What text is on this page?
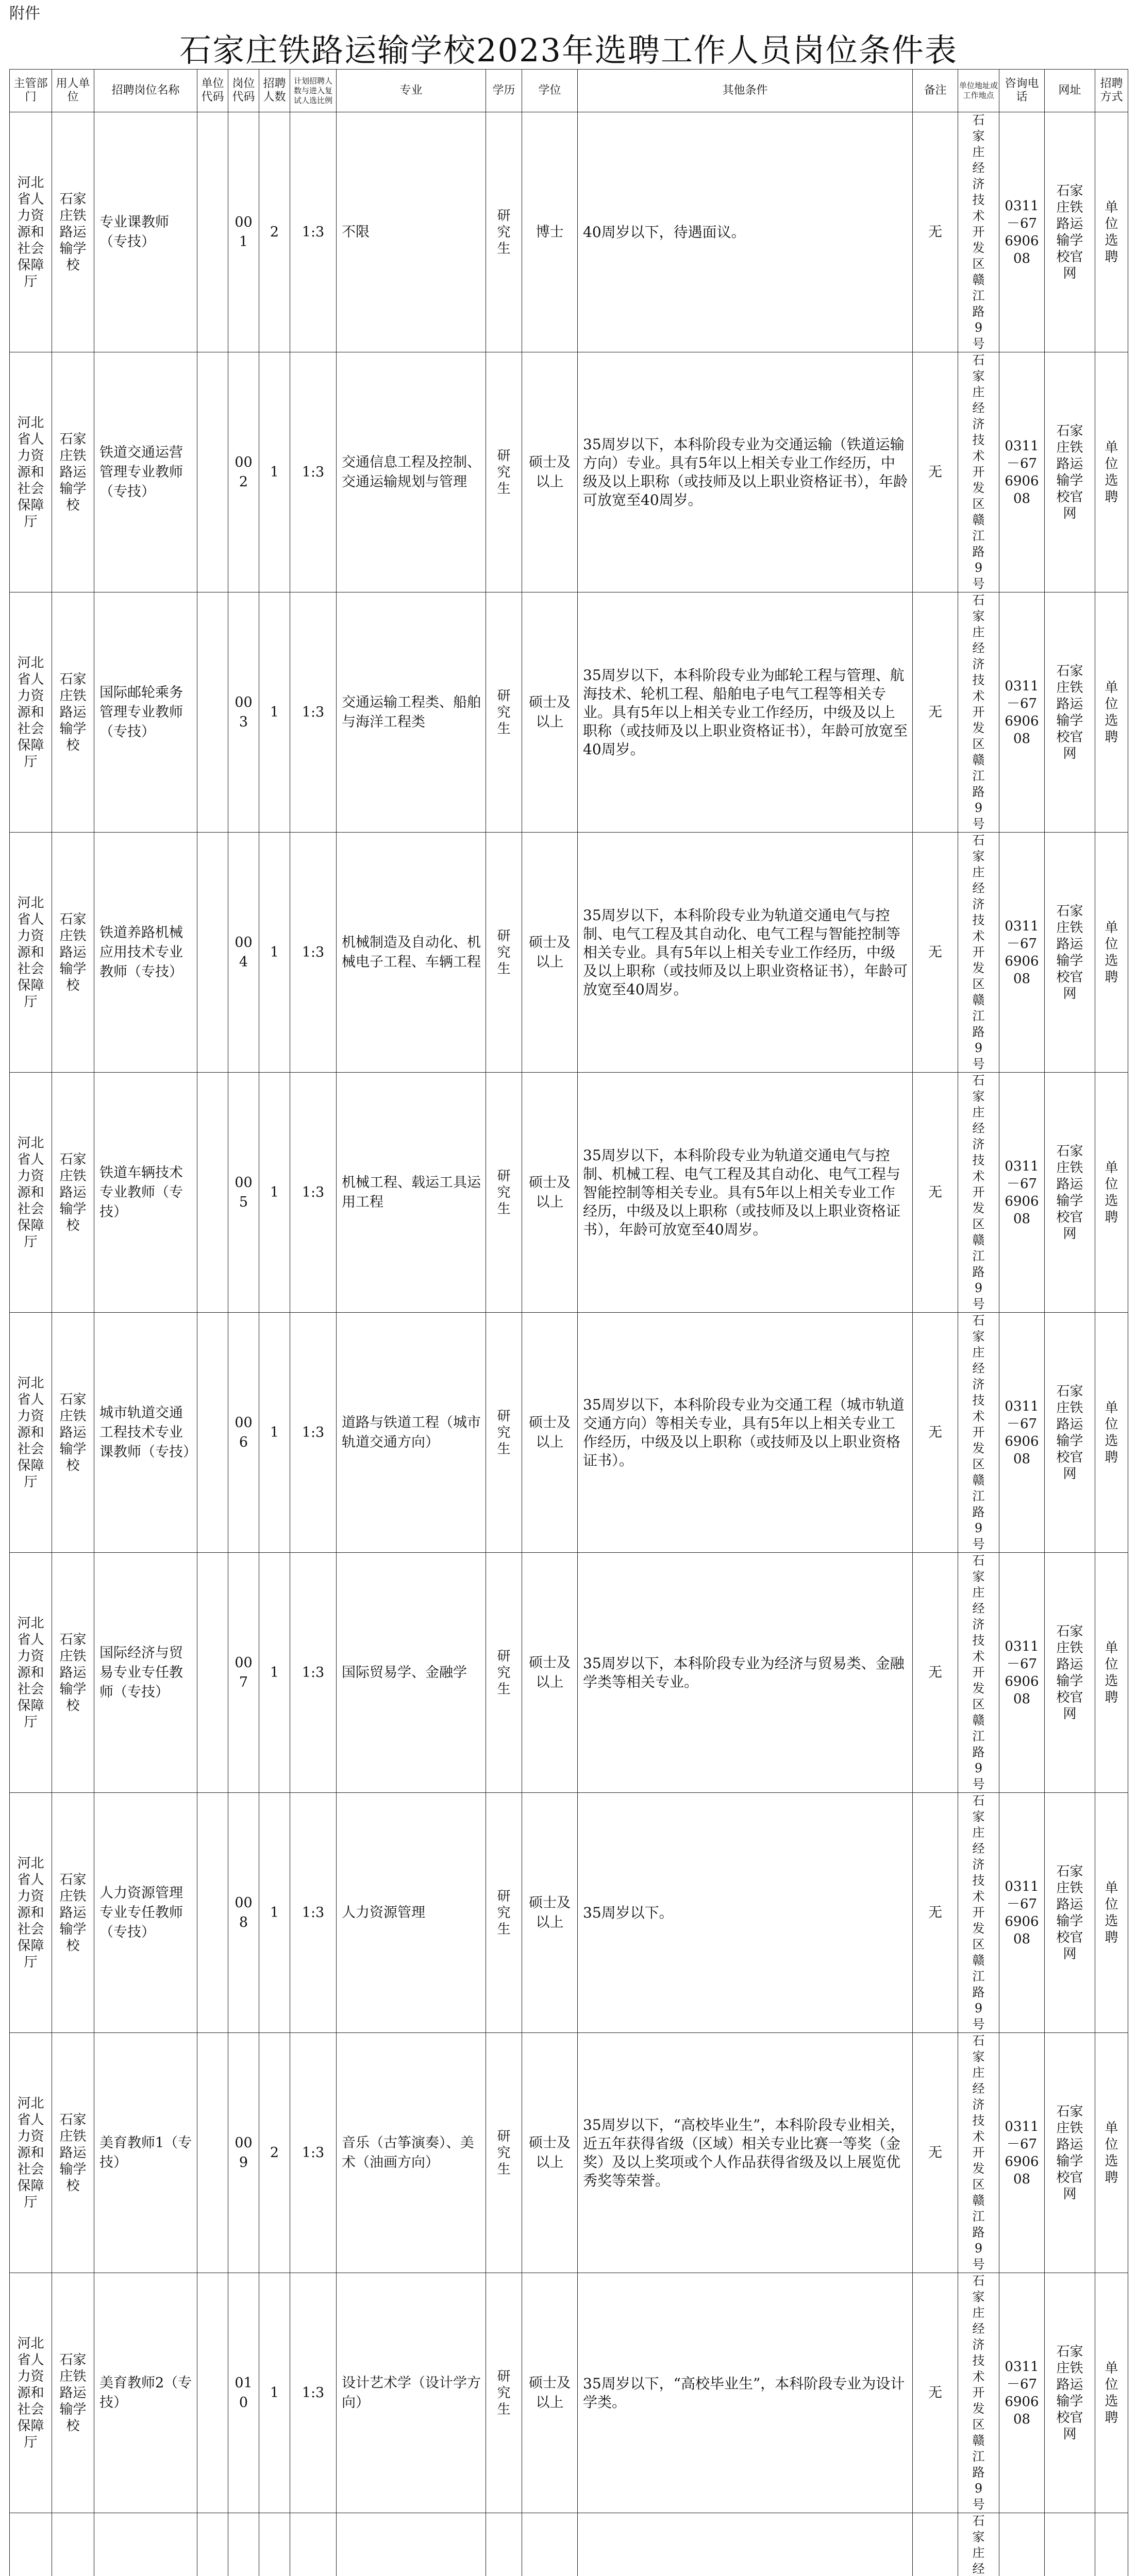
附件
石家庄铁路运输学校2023年选聘工作人员岗位条件表
主管部门	用人单位	招聘岗位名称	单位代码	岗位代码	招聘人数	计划招聘人数与进入复试人选比例	专业	学历	学位	其他条件	备注	单位地址或工作地点	咨询电话	网址	招聘方式
河北省人力资源和社会保障厅	石家庄铁路运输学校	专业课教师（专技）		001	2	1:3	不限	研究生	博士	40周岁以下，待遇面议。	无	石家庄经济技术开发区赣江路9号	0311－67690608	石家庄铁路运输学校官网	单位选聘
河北省人力资源和社会保障厅	石家庄铁路运输学校	铁道交通运营管理专业教师（专技）		002	1	1:3	交通信息工程及控制、交通运输规划与管理	研究生	硕士及以上	35周岁以下，本科阶段专业为交通运输（铁道运输方向）专业。具有5年以上相关专业工作经历，中级及以上职称（或技师及以上职业资格证书），年龄可放宽至40周岁。	无	石家庄经济技术开发区赣江路9号	0311－67690608	石家庄铁路运输学校官网	单位选聘
河北省人力资源和社会保障厅	石家庄铁路运输学校	国际邮轮乘务管理专业教师（专技）		003	1	1:3	交通运输工程类、船舶与海洋工程类	研究生	硕士及以上	35周岁以下，本科阶段专业为邮轮工程与管理、航海技术、轮机工程、船舶电子电气工程等相关专业。具有5年以上相关专业工作经历，中级及以上职称（或技师及以上职业资格证书），年龄可放宽至40周岁。	无	石家庄经济技术开发区赣江路9号	0311－67690608	石家庄铁路运输学校官网	单位选聘
河北省人力资源和社会保障厅	石家庄铁路运输学校	铁道养路机械应用技术专业教师（专技）		004	1	1:3	机械制造及自动化、机械电子工程、车辆工程	研究生	硕士及以上	35周岁以下，本科阶段专业为轨道交通电气与控制、电气工程及其自动化、电气工程与智能控制等相关专业。具有5年以上相关专业工作经历，中级及以上职称（或技师及以上职业资格证书），年龄可放宽至40周岁。	无	石家庄经济技术开发区赣江路9号	0311－67690608	石家庄铁路运输学校官网	单位选聘
河北省人力资源和社会保障厅	石家庄铁路运输学校	铁道车辆技术专业教师（专技）		005	1	1:3	机械工程、载运工具运用工程	研究生	硕士及以上	35周岁以下，本科阶段专业为轨道交通电气与控制、机械工程、电气工程及其自动化、电气工程与智能控制等相关专业。具有5年以上相关专业工作经历，中级及以上职称（或技师及以上职业资格证书），年龄可放宽至40周岁。	无	石家庄经济技术开发区赣江路9号	0311－67690608	石家庄铁路运输学校官网	单位选聘
河北省人力资源和社会保障厅	石家庄铁路运输学校	城市轨道交通工程技术专业课教师（专技）		006	1	1:3	道路与铁道工程（城市轨道交通方向）	研究生	硕士及以上	35周岁以下，本科阶段专业为交通工程（城市轨道交通方向）等相关专业，具有5年以上相关专业工作经历，中级及以上职称（或技师及以上职业资格证书）。	无	石家庄经济技术开发区赣江路9号	0311－67690608	石家庄铁路运输学校官网	单位选聘
河北省人力资源和社会保障厅	石家庄铁路运输学校	国际经济与贸易专业专任教师（专技）		007	1	1:3	国际贸易学、金融学	研究生	硕士及以上	35周岁以下，本科阶段专业为经济与贸易类、金融学类等相关专业。	无	石家庄经济技术开发区赣江路9号	0311－67690608	石家庄铁路运输学校官网	单位选聘
河北省人力资源和社会保障厅	石家庄铁路运输学校	人力资源管理专业专任教师（专技）		008	1	1:3	人力资源管理	研究生	硕士及以上	35周岁以下。	无	石家庄经济技术开发区赣江路9号	0311－67690608	石家庄铁路运输学校官网	单位选聘
河北省人力资源和社会保障厅	石家庄铁路运输学校	美育教师1（专技）		009	2	1:3	音乐（古筝演奏）、美术（油画方向）	研究生	硕士及以上	35周岁以下，“高校毕业生”，本科阶段专业相关，近五年获得省级（区域）相关专业比赛一等奖（金奖）及以上奖项或个人作品获得省级及以上展览优秀奖等荣誉。	无	石家庄经济技术开发区赣江路9号	0311－67690608	石家庄铁路运输学校官网	单位选聘
河北省人力资源和社会保障厅	石家庄铁路运输学校	美育教师2（专技）		010	1	1:3	设计艺术学（设计学方向）	研究生	硕士及以上	35周岁以下，“高校毕业生”，本科阶段专业为设计学类。	无	石家庄经济技术开发区赣江路9号	0311－67690608	石家庄铁路运输学校官网	单位选聘
												石家庄经			
